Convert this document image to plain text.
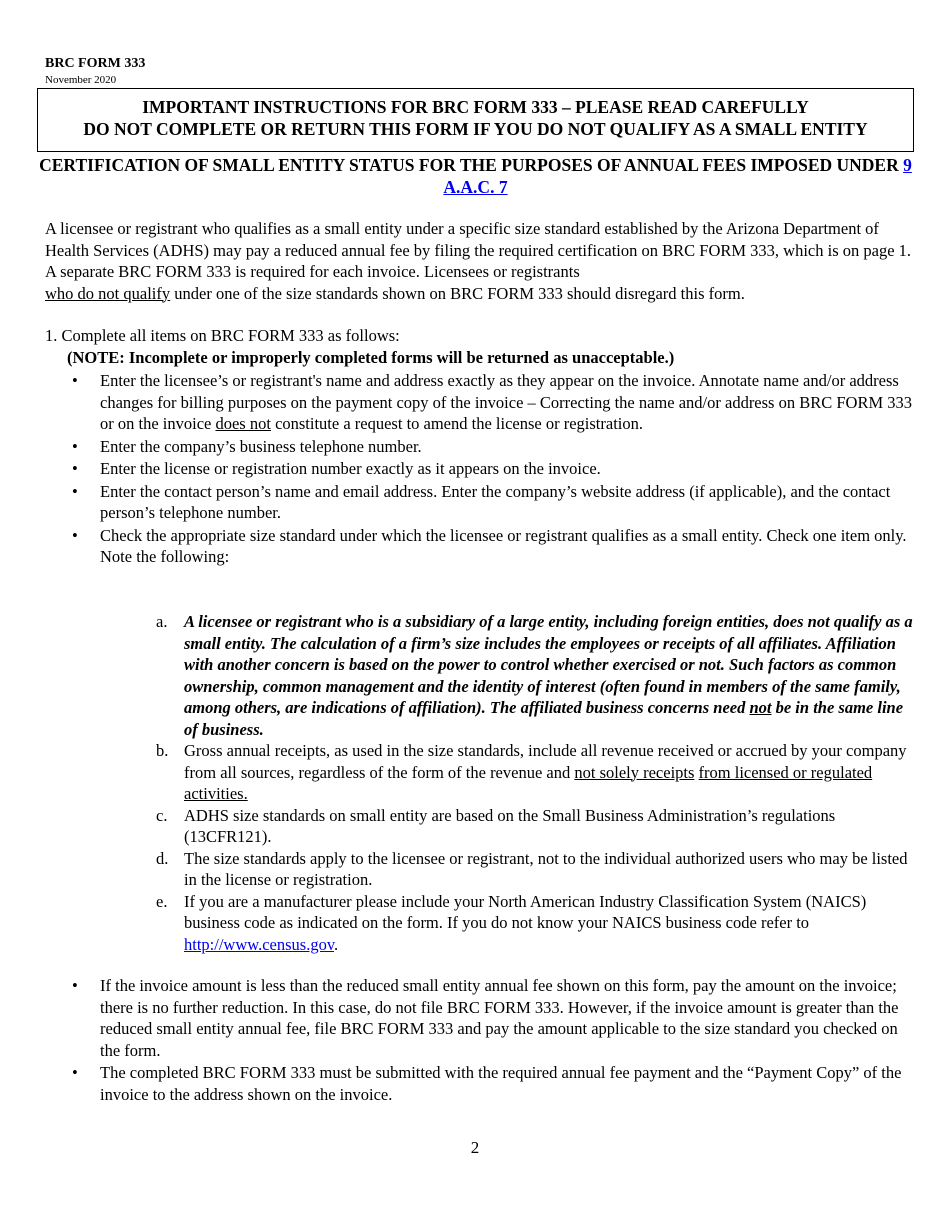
BRC FORM 333
November 2020
IMPORTANT INSTRUCTIONS FOR BRC FORM 333 – PLEASE READ CAREFULLY
DO NOT COMPLETE OR RETURN THIS FORM IF YOU DO NOT QUALIFY AS A SMALL ENTITY
CERTIFICATION OF SMALL ENTITY STATUS FOR THE PURPOSES OF ANNUAL FEES IMPOSED UNDER 9 A.A.C. 7

A licensee or registrant who qualifies as a small entity under a specific size standard established by the Arizona Department of Health Services (ADHS) may pay a reduced annual fee by filing the required certification on BRC FORM 333, which is on page 1. A separate BRC FORM 333 is required for each invoice. Licensees or registrants
who do not qualify under one of the size standards shown on BRC FORM 333 should disregard this form.

1. Complete all items on BRC FORM 333 as follows:
(NOTE: Incomplete or improperly completed forms will be returned as unacceptable.)
• Enter the licensee’s or registrant's name and address exactly as they appear on the invoice. Annotate name and/or address changes for billing purposes on the payment copy of the invoice – Correcting the name and/or address on BRC FORM 333 or on the invoice does not constitute a request to amend the license or registration.
• Enter the company’s business telephone number.
• Enter the license or registration number exactly as it appears on the invoice.
• Enter the contact person’s name and email address. Enter the company’s website address (if applicable), and the contact person’s telephone number.
• Check the appropriate size standard under which the licensee or registrant qualifies as a small entity. Check one item only. Note the following:
a. A licensee or registrant who is a subsidiary of a large entity, including foreign entities, does not qualify as a small entity. The calculation of a firm’s size includes the employees or receipts of all affiliates. Affiliation with another concern is based on the power to control whether exercised or not. Such factors as common ownership, common management and the identity of interest (often found in members of the same family, among others, are indications of affiliation). The affiliated business concerns need not be in the same line of business.
b. Gross annual receipts, as used in the size standards, include all revenue received or accrued by your company from all sources, regardless of the form of the revenue and not solely receipts from licensed or regulated activities.
c. ADHS size standards on small entity are based on the Small Business Administration’s regulations (13CFR121).
d. The size standards apply to the licensee or registrant, not to the individual authorized users who may be listed in the license or registration.
e. If you are a manufacturer please include your North American Industry Classification System (NAICS) business code as indicated on the form. If you do not know your NAICS business code refer to http://www.census.gov.
• If the invoice amount is less than the reduced small entity annual fee shown on this form, pay the amount on the invoice; there is no further reduction. In this case, do not file BRC FORM 333. However, if the invoice amount is greater than the reduced small entity annual fee, file BRC FORM 333 and pay the amount applicable to the size standard you checked on the form.
• The completed BRC FORM 333 must be submitted with the required annual fee payment and the “Payment Copy” of the invoice to the address shown on the invoice.
2
